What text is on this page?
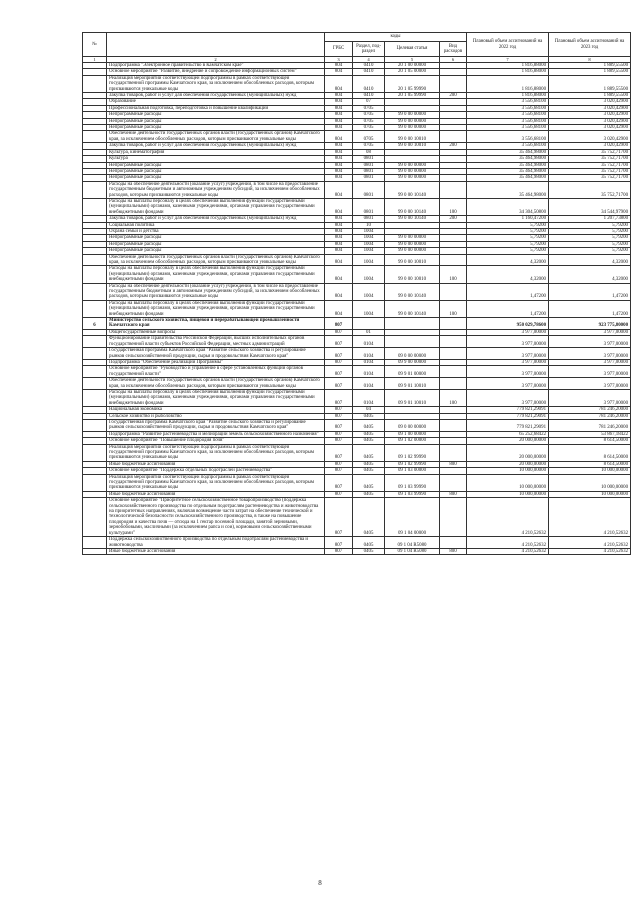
№		коды				Плановый объем ассигнований на 2022 год	Плановый объем ассигнований на 2023 год
		ГРБС	Раздел, под-раздел	Целевая статья	Вид расходов		
1	2	3	4	5	6	7	8
	Подпрограмма "Электронное правительство в Камчатском крае"	804	0410	20 1 00 00000		1 816,88000	1 889,55500
	Основное мероприятие "Развитие, внедрение и сопровождение информационных систем"	804	0410	20 1 05 00000		1 816,88000	1 889,55500
	Реализация мероприятий соответствующей подпрограммы в рамках соответствующей государственной программы Камчатского края, за исключением обособленных расходов, которым присваиваются уникальные коды	804	0410	20 1 05 99990		1 816,88000	1 889,55500
	Закупка товаров, работ и услуг для обеспечения государственных (муниципальных) нужд	804	0410	20 1 05 99990	200	1 816,88000	1 889,55500
	Образование	804	07			3 556,68100	3 020,42900
	Профессиональная подготовка, переподготовка и повышение квалификации	804	0705			3 556,68100	3 020,42900
	Непрограммные расходы	804	0705	99 0 00 00000		3 556,68100	3 020,42900
	Непрограммные расходы	804	0705	99 0 00 00000		3 556,68100	3 020,42900
	Непрограммные расходы	804	0705	99 0 00 00000		3 556,68100	3 020,42900
	Обеспечение деятельности государственных органов власти (государственных органов) Камчатского края, за исключением обособленных расходов, которым присваиваются уникальные коды	804	0705	99 0 00 10010		3 556,68100	3 020,42900
	Закупка товаров, работ и услуг для обеспечения государственных (муниципальных) нужд	804	0705	99 0 00 10010	200	3 556,68100	3 020,42900
	Культура, кинематография	804	08			35 464,98000	35 752,71700
	Культура	804	0801			35 464,98000	35 752,71700
	Непрограммные расходы	804	0801	99 0 00 00000		35 464,98000	35 752,71700
	Непрограммные расходы	804	0801	99 0 00 00000		35 464,98000	35 752,71700
	Непрограммные расходы	804	0801	99 0 00 00000		35 464,98000	35 752,71700
	Расходы на обеспечение деятельности (оказание услуг) учреждений, в том числе на предоставление государственным бюджетным и автономным учреждениям субсидий, за исключением обособленных расходов, которым присваиваются уникальные коды	804	0801	99 0 00 10140		35 464,98000	35 752,71700
	Расходы на выплаты персоналу в целях обеспечения выполнения функций государственными (муниципальными) органами, казенными учреждениями, органами управления государственными внебюджетными фондами	804	0801	99 0 00 10140	100	34 304,50800	34 544,97900
	Закупка товаров, работ и услуг для обеспечения государственных (муниципальных) нужд	804	0801	99 0 00 10140	200	1 160,47200	1 207,73800
	Социальная политика	804	10			5,79200	5,79200
	Охрана семьи и детства	804	1004			5,79200	5,79200
	Непрограммные расходы	804	1004	99 0 00 00000		5,79200	5,79200
	Непрограммные расходы	804	1004	99 0 00 00000		5,79200	5,79200
	Непрограммные расходы	804	1004	99 0 00 00000		5,79200	5,79200
	Обеспечение деятельности государственных органов власти (государственных органов) Камчатского края, за исключением обособленных расходов, которым присваиваются уникальные коды	804	1004	99 0 00 10010		4,32000	4,32000
	Расходы на выплаты персоналу в целях обеспечения выполнения функций государственными (муниципальными) органами, казенными учреждениями, органами управления государственными внебюджетными фондами	804	1004	99 0 00 10010	100	4,32000	4,32000
	Расходы на обеспечение деятельности (оказание услуг) учреждений, в том числе на предоставление государственным бюджетным и автономным учреждениям субсидий, за исключением обособленных расходов, которым присваиваются уникальные коды	804	1004	99 0 00 10140		1,47200	1,47200
	Расходы на выплаты персоналу в целях обеспечения выполнения функций государственными (муниципальными) органами, казенными учреждениями, органами управления государственными внебюджетными фондами	804	1004	99 0 00 10140	100	1,47200	1,47200
6	Министерство сельского хозяйства, пищевой и перерабатывающей промышленности Камчатского края	807				950 029,78600	923 775,80000
	Общегосударственные вопросы	807	01			3 977,00000	3 977,00000
	Функционирование Правительства Российской Федерации, высших исполнительных органов государственной власти субъектов Российской Федерации, местных администраций	807	0104			3 977,00000	3 977,00000
	Государственная программа Камчатского края "Развитие сельского хозяйства и регулирование рынков сельскохозяйственной продукции, сырья и продовольствия Камчатского края"	807	0104	09 0 00 00000		3 977,00000	3 977,00000
	Подпрограмма "Обеспечение реализации Программы"	807	0104	09 9 00 00000		3 977,00000	3 977,00000
	Основное мероприятие "Руководство и управление в сфере установленных функций органов государственной власти"	807	0104	09 9 01 00000		3 977,00000	3 977,00000
	Обеспечение деятельности государственных органов власти (государственных органов) Камчатского края, за исключением обособленных расходов, которым присваиваются уникальные коды	807	0104	09 9 01 10010		3 977,00000	3 977,00000
	Расходы на выплаты персоналу в целях обеспечения выполнения функций государственными (муниципальными) органами, казенными учреждениями, органами управления государственными внебюджетными фондами	807	0104	09 9 01 10010	100	3 977,00000	3 977,00000
	Национальная экономика	807	04			779 821,29091	781 246,20000
	Сельское хозяйство и рыболовство	807	0405			779 821,29091	781 246,20000
	Государственная программа Камчатского края "Развитие сельского хозяйства и регулирование рынков сельскохозяйственной продукции, сырья и продовольствия Камчатского края"	807	0405	09 0 00 00000		779 821,29091	781 246,20000
	Подпрограмма "Развитие растениеводства и мелиорации земель сельскохозяйственного назначения"	807	0405	09 1 00 00000		65 252,68422	53 867,18422
	Основное мероприятие "Повышение плодородия почв"	807	0405	09 1 02 00000		20 000,00000	8 614,50000
	Реализация мероприятий соответствующей подпрограммы в рамках соответствующей государственной программы Камчатского края, за исключением обособленных расходов, которым присваиваются уникальные коды	807	0405	09 1 02 99990		20 000,00000	8 614,50000
	Иные бюджетные ассигнования	807	0405	09 1 02 99990	800	20 000,00000	8 614,50000
	Основное мероприятие "Поддержка отдельных подотраслей растениеводства"	807	0405	09 1 03 00000		10 000,00000	10 000,00000
	Реализация мероприятий соответствующей подпрограммы в рамках соответствующей государственной программы Камчатского края, за исключением обособленных расходов, которым присваиваются уникальные коды	807	0405	09 1 03 99990		10 000,00000	10 000,00000
	Иные бюджетные ассигнования	807	0405	09 1 03 99990	800	10 000,00000	10 000,00000
	Основное мероприятие "Приоритетное сельскохозяйственное товаропроизводство (поддержка сельскохозяйственного производства по отдельным подотраслям растениеводства и животноводства на приоритетных направлениях, включая возмещение части затрат на обеспечение технической и технологической безопасности сельскохозяйственного производства, в также на повышение плодородия и качества почв — отсюда на 1 гектар посевной площади, занятой зерновыми, зернобобовыми, масличными (за исключением рапса и сои), кормовыми сельскохозяйственными культурами"	807	0405	09 1 04 00000		4 210,52632	4 210,52632
	Поддержка сельскохозяйственного производства по отдельным подотраслям растениеводства и животноводства	807	0405	09 1 04 R5080		4 210,52632	4 210,52632
	Иные бюджетные ассигнования	807	0405	09 1 04 R5080	800	4 210,52632	4 210,52632
8
